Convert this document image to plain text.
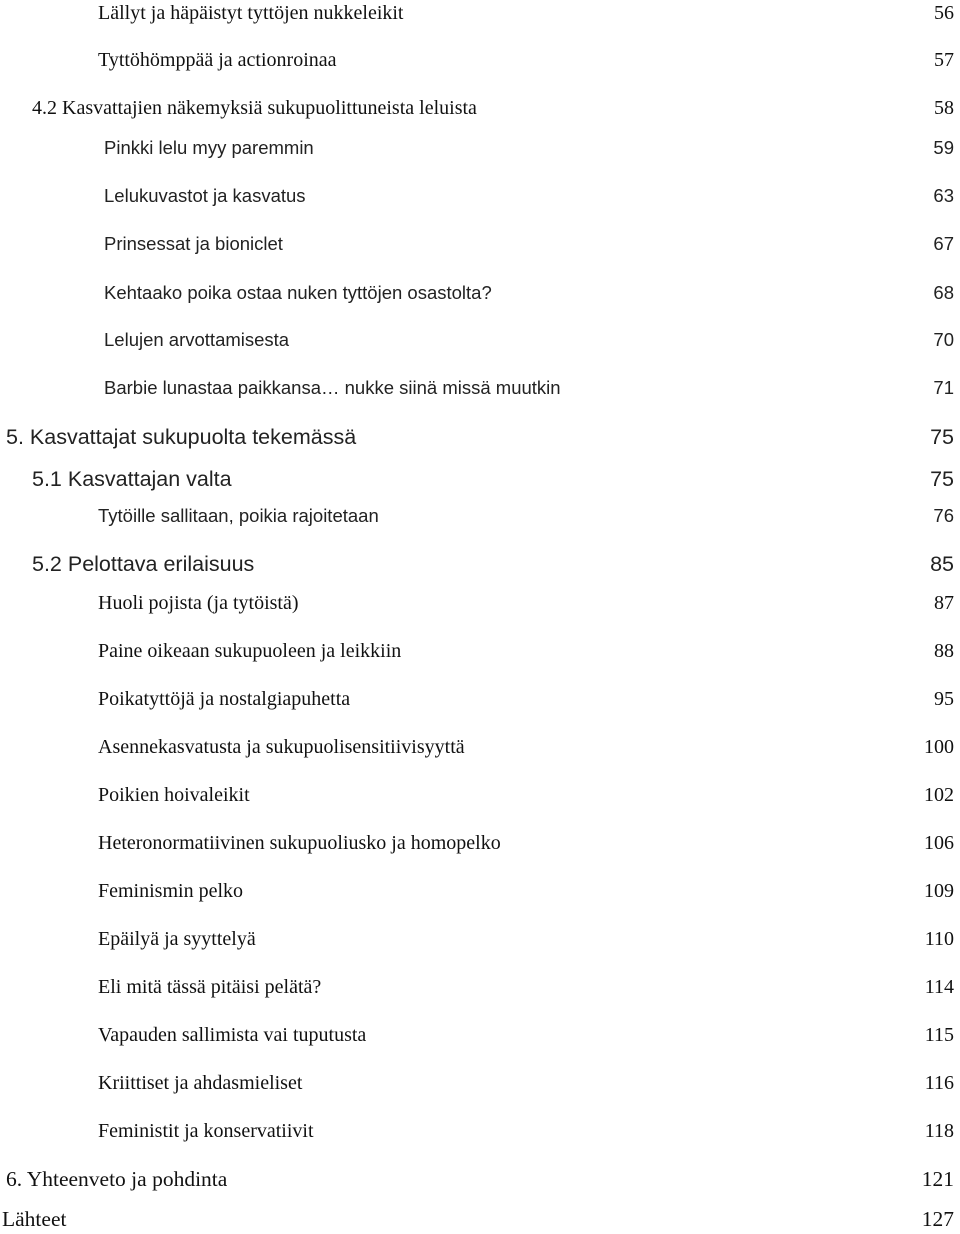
Lällyt ja häpäistyt tyttöjen nukkeleikit	56
Tyttöhömppää ja actionroinaa	57
4.2 Kasvattajien näkemyksiä sukupuolittuneista leluista	58
Pinkki lelu myy paremmin	59
Lelukuvastot ja kasvatus	63
Prinsessat ja bioniclet	67
Kehtaako poika ostaa nuken tyttöjen osastolta?	68
Lelujen arvottamisesta	70
Barbie lunastaa paikkansa… nukke siinä missä muutkin	71
5. Kasvattajat sukupuolta tekemässä	75
5.1 Kasvattajan valta	75
Tytöille sallitaan, poikia rajoitetaan	76
5.2 Pelottava erilaisuus	85
Huoli pojista (ja tytöistä)	87
Paine oikeaan sukupuoleen ja leikkiin	88
Poikatyttöjä ja nostalgiapuhetta	95
Asennekasvatusta ja sukupuolisensitiivisyyttä	100
Poikien hoivaleikit	102
Heteronormatiivinen sukupuoliusko ja homopelko	106
Feminismin pelko	109
Epäilyä ja syyttelyä	110
Eli mitä tässä pitäisi pelätä?	114
Vapauden sallimista vai tuputusta	115
Kriittiset ja ahdasmieliset	116
Feministit ja konservatiivit	118
6. Yhteenveto ja pohdinta	121
Lähteet	127
